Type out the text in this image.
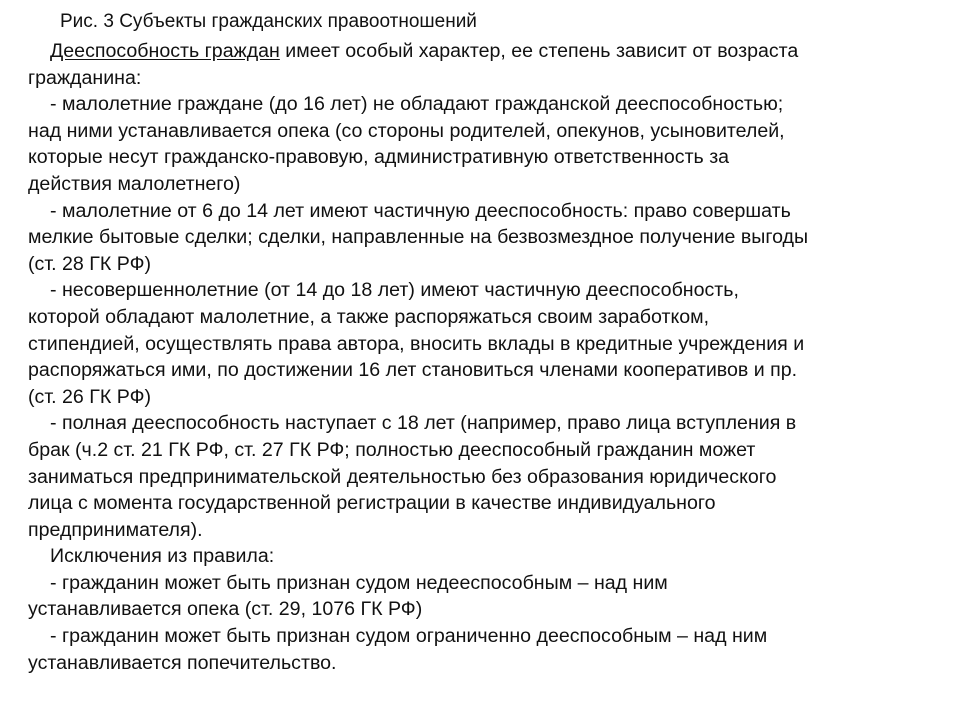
Рис. 3 Субъекты гражданских правоотношений
Дееспособность граждан имеет особый характер, ее степень зависит от возраста
гражданина:
- малолетние граждане (до 16 лет) не обладают гражданской дееспособностью;
над ними устанавливается опека (со стороны родителей, опекунов, усыновителей,
которые несут гражданско-правовую, административную ответственность за
действия малолетнего)
- малолетние от 6 до 14 лет имеют частичную дееспособность: право совершать
мелкие бытовые сделки; сделки, направленные на безвозмездное получение выгоды
(ст. 28 ГК РФ)
- несовершеннолетние (от 14 до 18 лет) имеют частичную дееспособность,
которой обладают малолетние, а также распоряжаться своим заработком,
стипендией, осуществлять права автора, вносить вклады в кредитные учреждения и
распоряжаться ими, по достижении 16 лет становиться членами кооперативов и пр.
(ст. 26 ГК РФ)
- полная дееспособность наступает с 18 лет (например, право лица вступления в
брак (ч.2 ст. 21 ГК РФ, ст. 27 ГК РФ; полностью дееспособный гражданин может
заниматься предпринимательской деятельностью без образования юридического
лица с момента государственной регистрации в качестве индивидуального
предпринимателя).
Исключения из правила:
- гражданин может быть признан судом недееспособным – над ним
устанавливается опека (ст. 29, 1076 ГК РФ)
- гражданин может быть признан судом ограниченно дееспособным – над ним
устанавливается попечительство.
